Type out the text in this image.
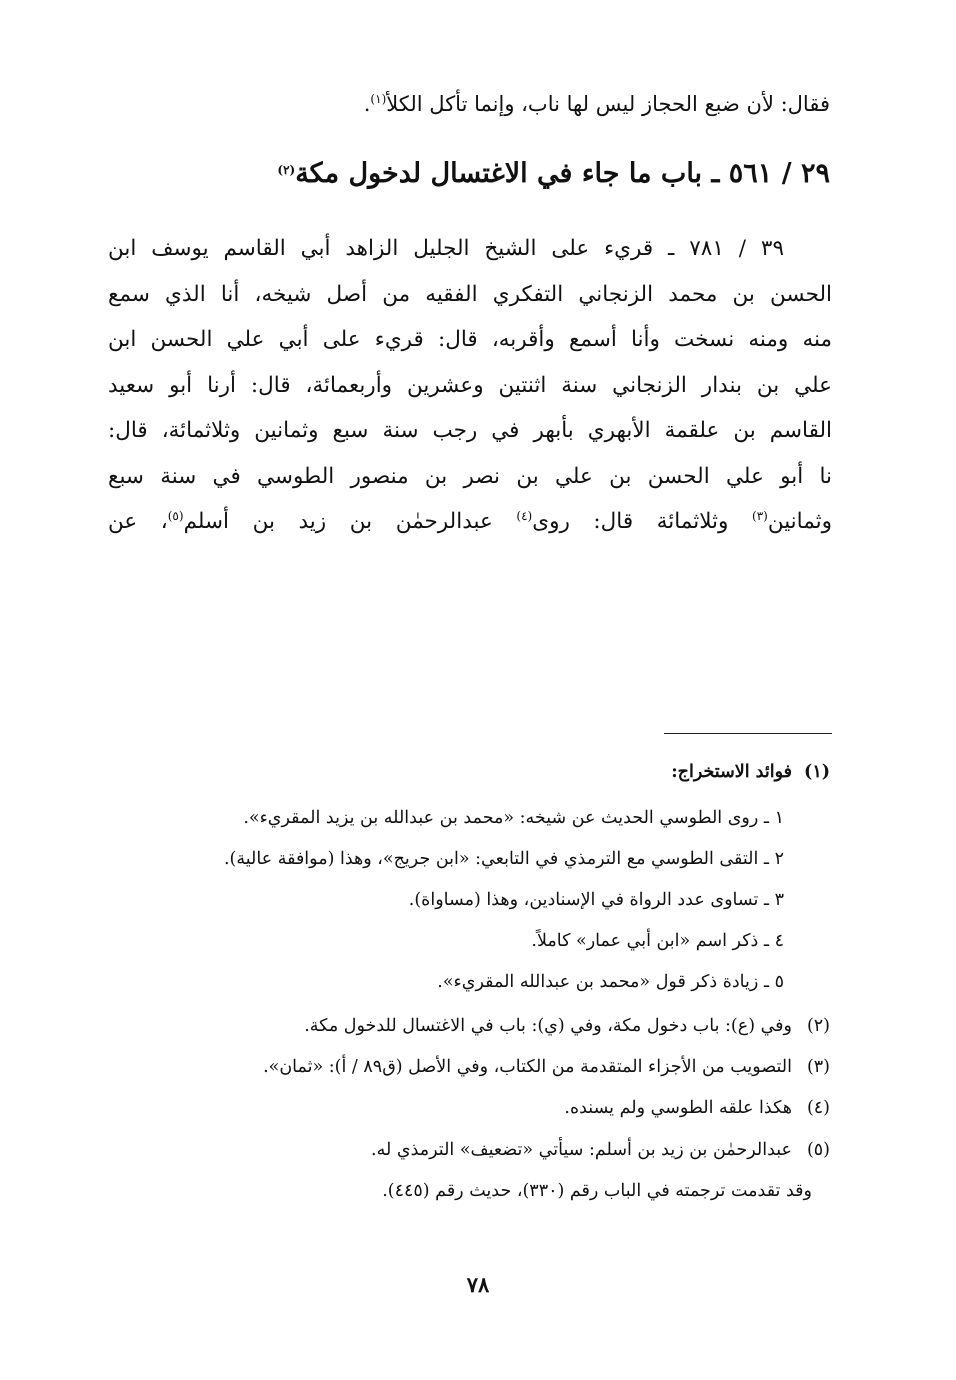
فقال: لأن ضبع الحجاز ليس لها ناب، وإنما تأكل الكلأ$^{(١)}$.
٢٩ / ٥٦١ ـ باب ما جاء في الاغتسال لدخول مكة$^{(٢)}$
٣٩ / ٧٨١ ـ قريء على الشيخ الجليل الزاهد أبي القاسم يوسف ابن
الحسن بن محمد الزنجاني التفكري الفقيه من أصل شيخه، أنا الذي سمع
منه ومنه نسخت وأنا أسمع وأقربه، قال: قريء على أبي علي الحسن ابن
علي بن بندار الزنجاني سنة اثنتين وعشرين وأربعمائة، قال: أرنا أبو سعيد
القاسم بن علقمة الأبهري بأبهر في رجب سنة سبع وثمانين وثلاثمائة، قال:
نا أبو علي الحسن بن علي بن نصر بن منصور الطوسي في سنة سبع
وثمانين$^{(٣)}$ وثلاثمائة قال: روى$^{(٤)}$ عبدالرحمٰن بن زيد بن أسلم$^{(٥)}$، عن
(١)فوائد الاستخراج:
١ ـ روى الطوسي الحديث عن شيخه: «محمد بن عبدالله بن يزيد المقريء».
٢ ـ التقى الطوسي مع الترمذي في التابعي: «ابن جريج»، وهذا (موافقة عالية).
٣ ـ تساوى عدد الرواة في الإسنادين، وهذا (مساواة).
٤ ـ ذكر اسم «ابن أبي عمار» كاملاً.
٥ ـ زيادة ذكر قول «محمد بن عبدالله المقريء».
(٢)وفي (ع): باب دخول مكة، وفي (ي): باب في الاغتسال للدخول مكة.
(٣)التصويب من الأجزاء المتقدمة من الكتاب، وفي الأصل (ق٨٩ / أ): «ثمان».
(٤)هكذا علقه الطوسي ولم يسنده.
(٥)عبدالرحمٰن بن زيد بن أسلم: سيأتي «تضعيف» الترمذي له.
وقد تقدمت ترجمته في الباب رقم (٣٣٠)، حديث رقم (٤٤٥).
٧٨
